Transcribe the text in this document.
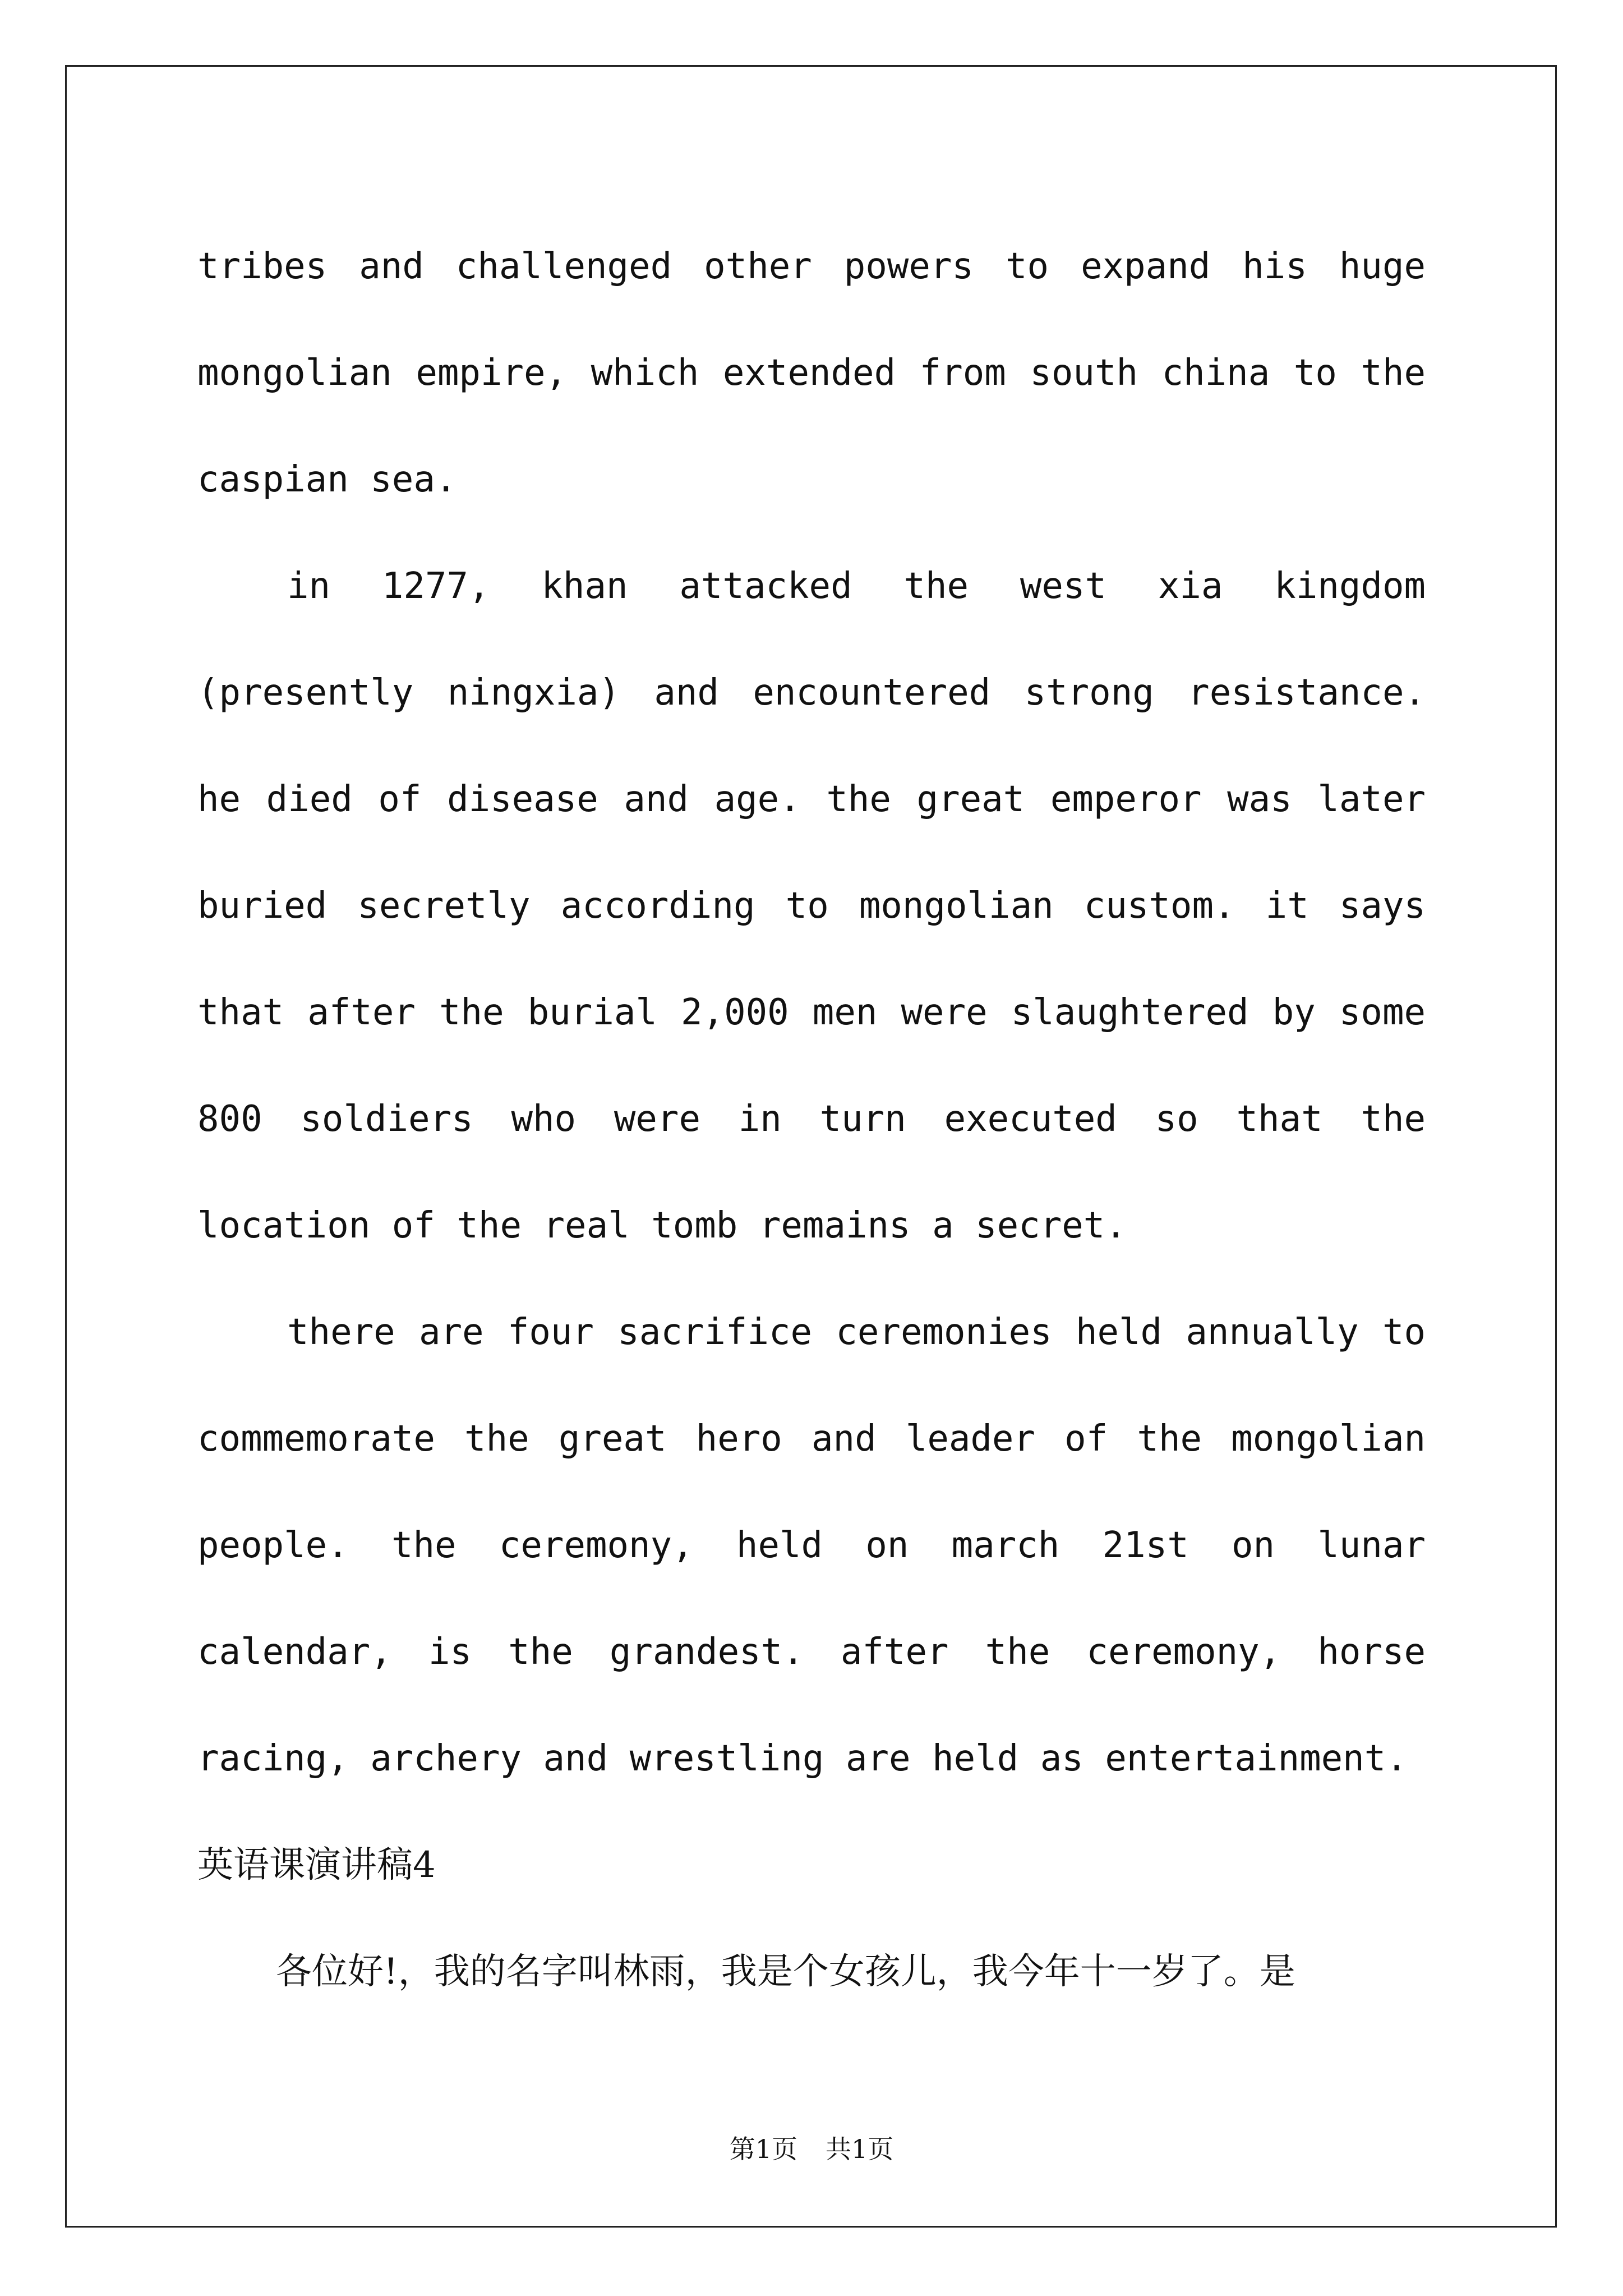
tribes and challenged other powers to expand his huge mongolian empire, which extended from south china to the caspian sea.

in 1277, khan attacked the west xia kingdom (presently ningxia) and encountered strong resistance. he died of disease and age. the great emperor was later buried secretly according to mongolian custom. it says that after the burial 2,000 men were slaughtered by some 800 soldiers who were in turn executed so that the location of the real tomb remains a secret.

there are four sacrifice ceremonies held annually to commemorate the great hero and leader of the mongolian people. the ceremony, held on march 21st on lunar calendar, is the grandest. after the ceremony, horse racing, archery and wrestling are held as entertainment.

英语课演讲稿4

各位好!，我的名字叫林雨，我是个女孩儿，我今年十一岁了。是

第1页 共1页
